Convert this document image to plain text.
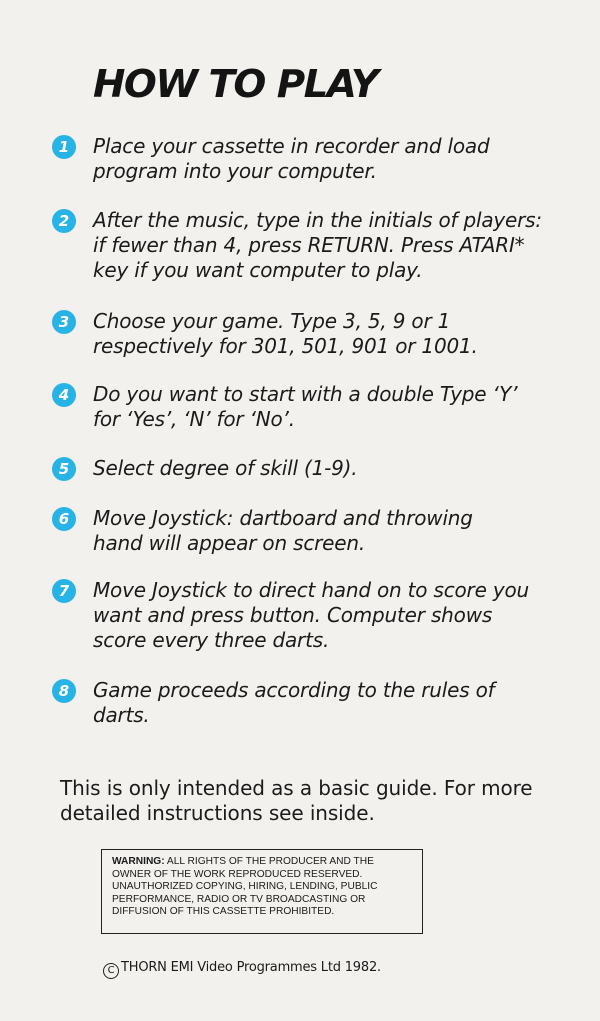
HOW TO PLAY
1	Place your cassette in recorder and load
program into your computer.
2	After the music, type in the initials of players:
if fewer than 4, press RETURN. Press ATARI*
key if you want computer to play.
3	Choose your game. Type 3, 5, 9 or 1
respectively for 301, 501, 901 or 1001.
4	Do you want to start with a double Type ‘Y’
for ‘Yes’, ‘N’ for ‘No’.
5	Select degree of skill (1-9).
6	Move Joystick: dartboard and throwing
hand will appear on screen.
7	Move Joystick to direct hand on to score you
want and press button. Computer shows
score every three darts.
8	Game proceeds according to the rules of
darts.

This is only intended as a basic guide. For more
detailed instructions see inside.

WARNING: ALL RIGHTS OF THE PRODUCER AND THE OWNER OF THE WORK REPRODUCED RESERVED. UNAUTHORIZED COPYING, HIRING, LENDING, PUBLIC PERFORMANCE, RADIO OR TV BROADCASTING OR DIFFUSION OF THIS CASSETTE PROHIBITED.
C THORN EMI Video Programmes Ltd 1982.
